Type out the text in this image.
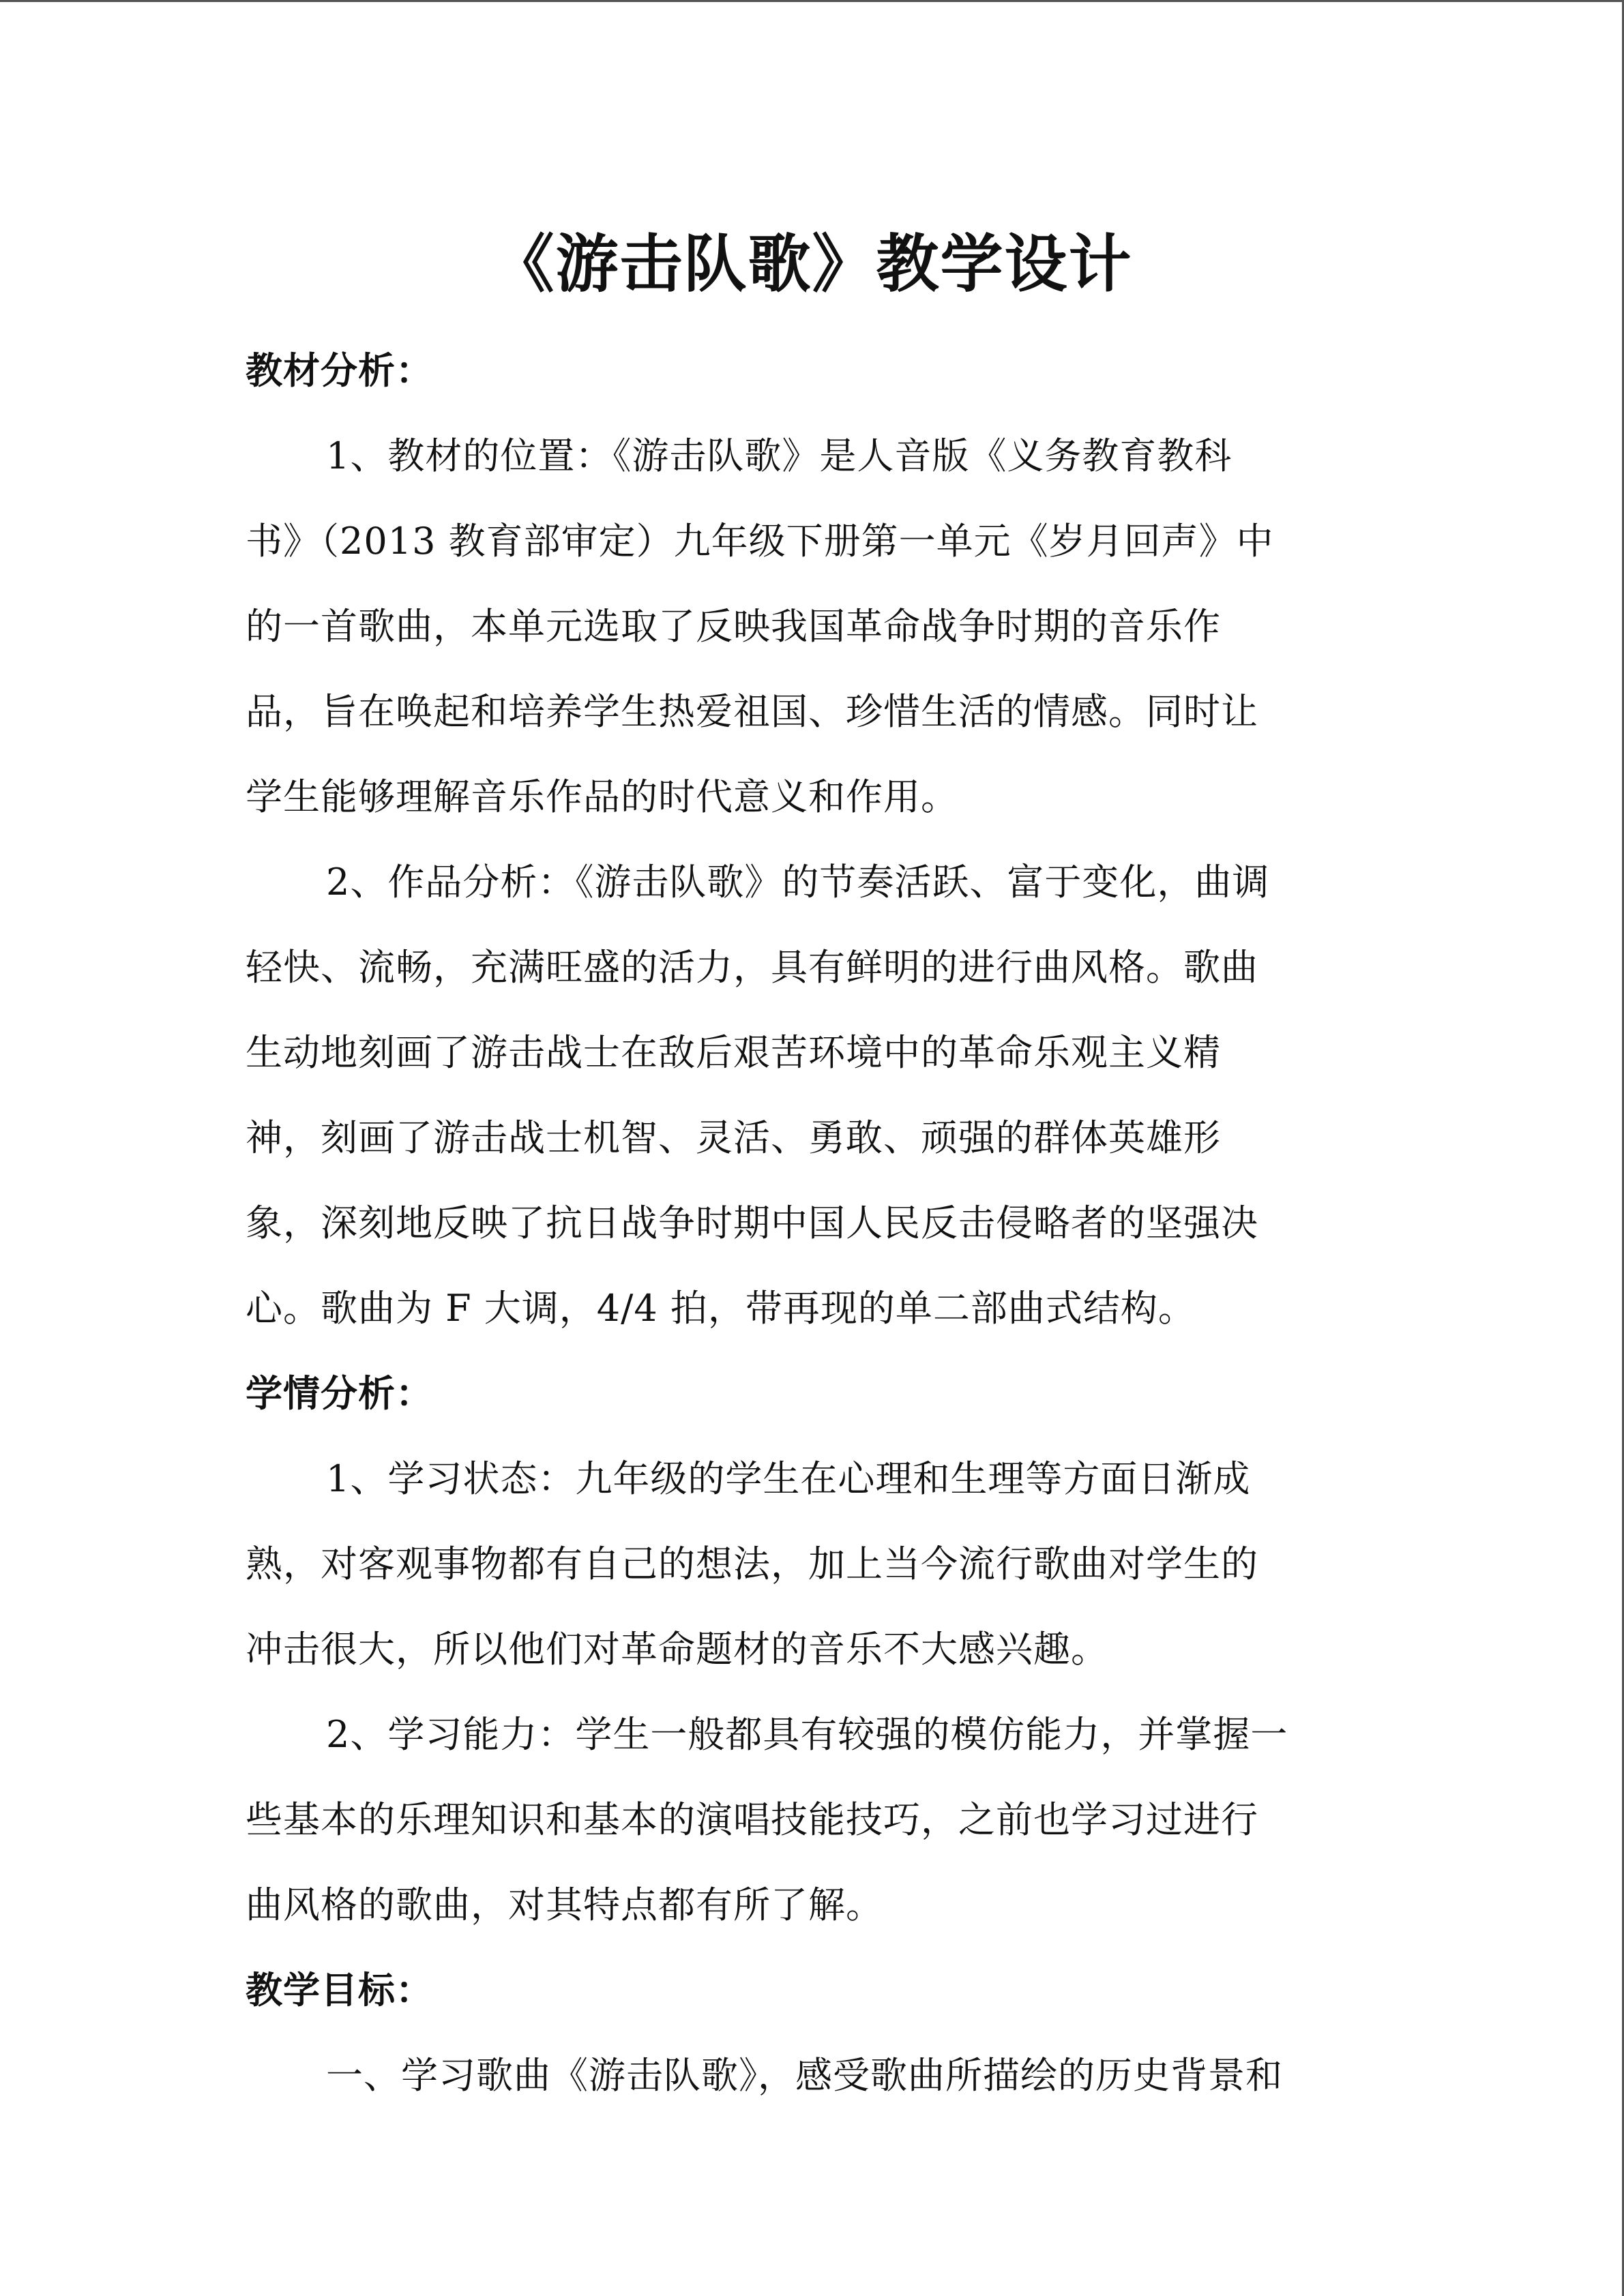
《游击队歌》教学设计
教材分析：
1、教材的位置：《游击队歌》是人音版《义务教育教科
书》（2013 教育部审定）九年级下册第一单元《岁月回声》中
的一首歌曲，本单元选取了反映我国革命战争时期的音乐作
品，旨在唤起和培养学生热爱祖国、珍惜生活的情感。同时让
学生能够理解音乐作品的时代意义和作用。
2、作品分析：《游击队歌》的节奏活跃、富于变化，曲调
轻快、流畅，充满旺盛的活力，具有鲜明的进行曲风格。歌曲
生动地刻画了游击战士在敌后艰苦环境中的革命乐观主义精
神，刻画了游击战士机智、灵活、勇敢、顽强的群体英雄形
象，深刻地反映了抗日战争时期中国人民反击侵略者的坚强决
心。歌曲为 F 大调，4/4 拍，带再现的单二部曲式结构。
学情分析：
1、学习状态：九年级的学生在心理和生理等方面日渐成
熟，对客观事物都有自己的想法，加上当今流行歌曲对学生的
冲击很大，所以他们对革命题材的音乐不大感兴趣。
2、学习能力：学生一般都具有较强的模仿能力，并掌握一
些基本的乐理知识和基本的演唱技能技巧，之前也学习过进行
曲风格的歌曲，对其特点都有所了解。
教学目标：
一、学习歌曲《游击队歌》，感受歌曲所描绘的历史背景和
